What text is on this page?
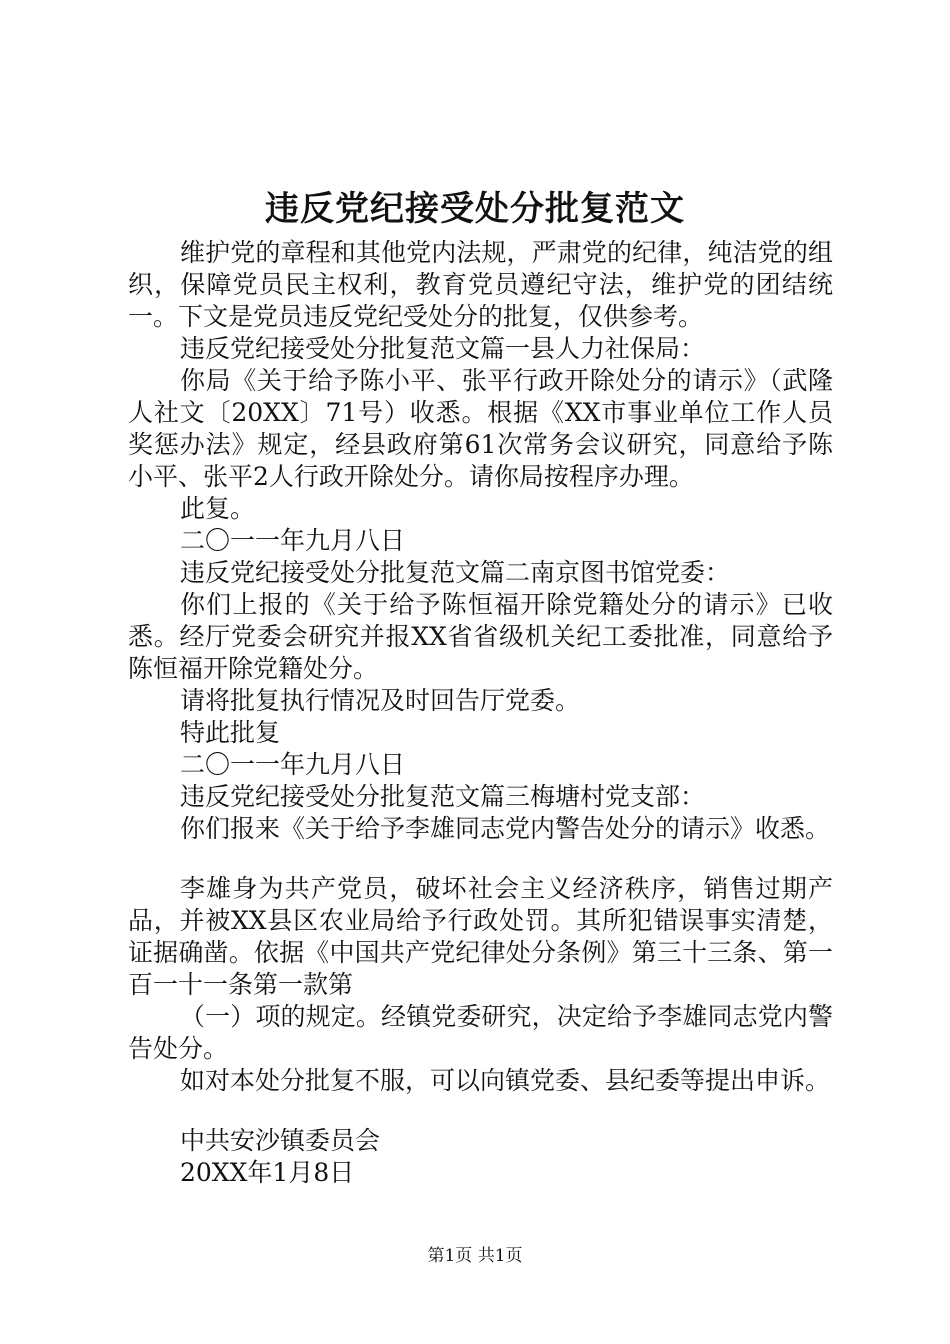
违反党纪接受处分批复范文

维护党的章程和其他党内法规，严肃党的纪律，纯洁党的组织，保障党员民主权利，教育党员遵纪守法，维护党的团结统一。下文是党员违反党纪受处分的批复，仅供参考。

违反党纪接受处分批复范文篇一县人力社保局：

你局《关于给予陈小平、张平行政开除处分的请示》（武隆人社文〔20XX〕71号）收悉。根据《XX市事业单位工作人员奖惩办法》规定，经县政府第61次常务会议研究，同意给予陈小平、张平2人行政开除处分。请你局按程序办理。

此复。

二〇一一年九月八日

违反党纪接受处分批复范文篇二南京图书馆党委：

你们上报的《关于给予陈恒福开除党籍处分的请示》已收悉。经厅党委会研究并报XX省省级机关纪工委批准，同意给予陈恒福开除党籍处分。

请将批复执行情况及时回告厅党委。

特此批复

二〇一一年九月八日

违反党纪接受处分批复范文篇三梅塘村党支部：

你们报来《关于给予李雄同志党内警告处分的请示》收悉。

李雄身为共产党员，破坏社会主义经济秩序，销售过期产品，并被XX县区农业局给予行政处罚。其所犯错误事实清楚，证据确凿。依据《中国共产党纪律处分条例》第三十三条、第一百一十一条第一款第

（一）项的规定。经镇党委研究，决定给予李雄同志党内警告处分。

如对本处分批复不服，可以向镇党委、县纪委等提出申诉。

中共安沙镇委员会

20XX年1月8日

第1页 共1页
